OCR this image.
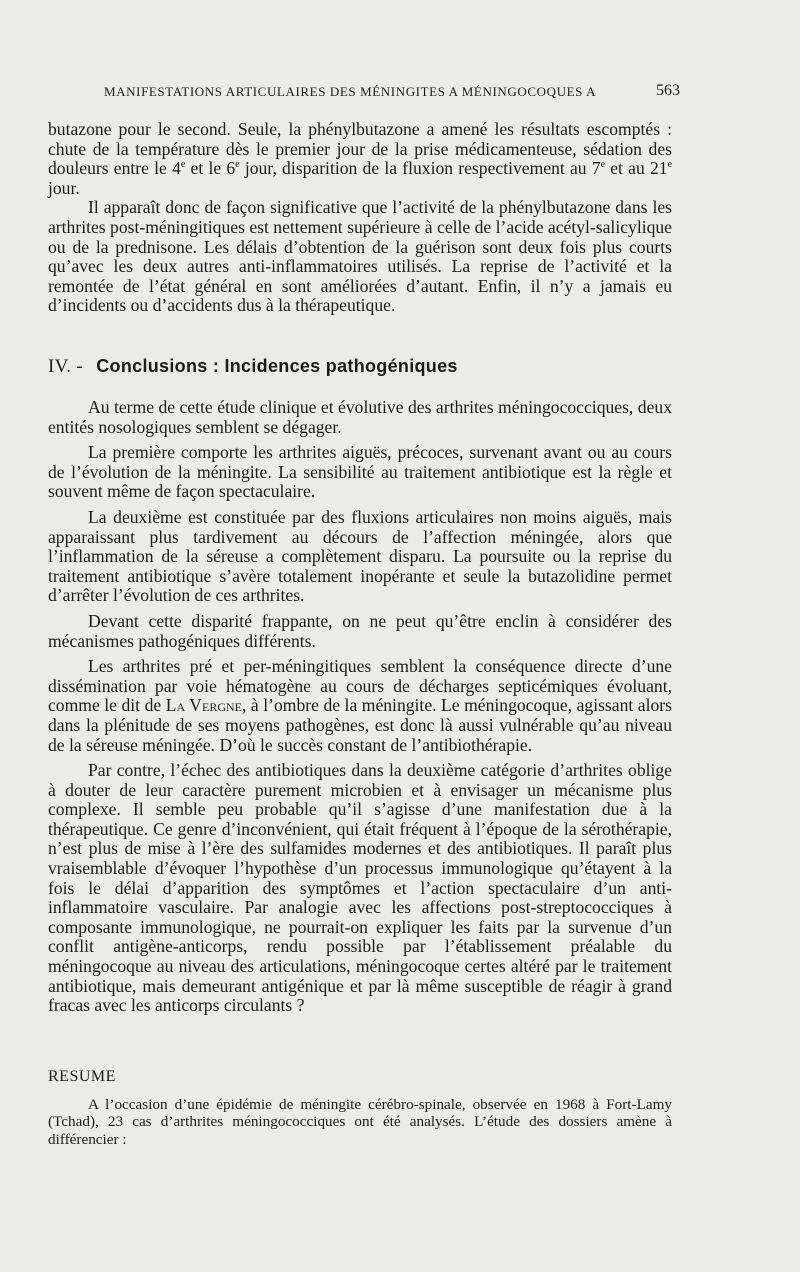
MANIFESTATIONS ARTICULAIRES DES MÉNINGITES A MÉNINGOCOQUES A	563

butazone pour le second. Seule, la phénylbutazone a amené les résultats escomptés : chute de la température dès le premier jour de la prise médicamenteuse, sédation des douleurs entre le 4e et le 6e jour, disparition de la fluxion respectivement au 7e et au 21e jour.

Il apparaît donc de façon significative que l’activité de la phénylbutazone dans les arthrites post-méningitiques est nettement supérieure à celle de l’acide acétyl-salicylique ou de la prednisone. Les délais d’obtention de la guérison sont deux fois plus courts qu’avec les deux autres anti-inflammatoires utilisés. La reprise de l’activité et la remontée de l’état général en sont améliorées d’autant. Enfin, il n’y a jamais eu d’incidents ou d’accidents dus à la thérapeutique.

IV. - Conclusions : Incidences pathogéniques

Au terme de cette étude clinique et évolutive des arthrites méningococciques, deux entités nosologiques semblent se dégager.

La première comporte les arthrites aiguës, précoces, survenant avant ou au cours de l’évolution de la méningite. La sensibilité au traitement antibiotique est la règle et souvent même de façon spectaculaire.

La deuxième est constituée par des fluxions articulaires non moins aiguës, mais apparaissant plus tardivement au décours de l’affection méningée, alors que l’inflammation de la séreuse a complètement disparu. La poursuite ou la reprise du traitement antibiotique s’avère totalement inopérante et seule la butazolidine permet d’arrêter l’évolution de ces arthrites.

Devant cette disparité frappante, on ne peut qu’être enclin à considérer des mécanismes pathogéniques différents.

Les arthrites pré et per-méningitiques semblent la conséquence directe d’une dissémination par voie hématogène au cours de décharges septicémiques évoluant, comme le dit de La Vergne, à l’ombre de la méningite. Le méningocoque, agissant alors dans la plénitude de ses moyens pathogènes, est donc là aussi vulnérable qu’au niveau de la séreuse méningée. D’où le succès constant de l’antibiothérapie.

Par contre, l’échec des antibiotiques dans la deuxième catégorie d’arthrites oblige à douter de leur caractère purement microbien et à envisager un mécanisme plus complexe. Il semble peu probable qu’il s’agisse d’une manifestation due à la thérapeutique. Ce genre d’inconvénient, qui était fréquent à l’époque de la sérothérapie, n’est plus de mise à l’ère des sulfamides modernes et des antibiotiques. Il paraît plus vraisemblable d’évoquer l’hypothèse d’un processus immunologique qu’étayent à la fois le délai d’apparition des symptômes et l’action spectaculaire d’un anti-inflammatoire vasculaire. Par analogie avec les affections post-streptococciques à composante immunologique, ne pourrait-on expliquer les faits par la survenue d’un conflit antigène-anticorps, rendu possible par l’établissement préalable du méningocoque au niveau des articulations, méningocoque certes altéré par le traitement antibiotique, mais demeurant antigénique et par là même susceptible de réagir à grand fracas avec les anticorps circulants ?

RESUME

A l’occasion d’une épidémie de méningite cérébro-spinale, observée en 1968 à Fort-Lamy (Tchad), 23 cas d’arthrites méningococciques ont été analysés. L’étude des dossiers amène à différencier :
